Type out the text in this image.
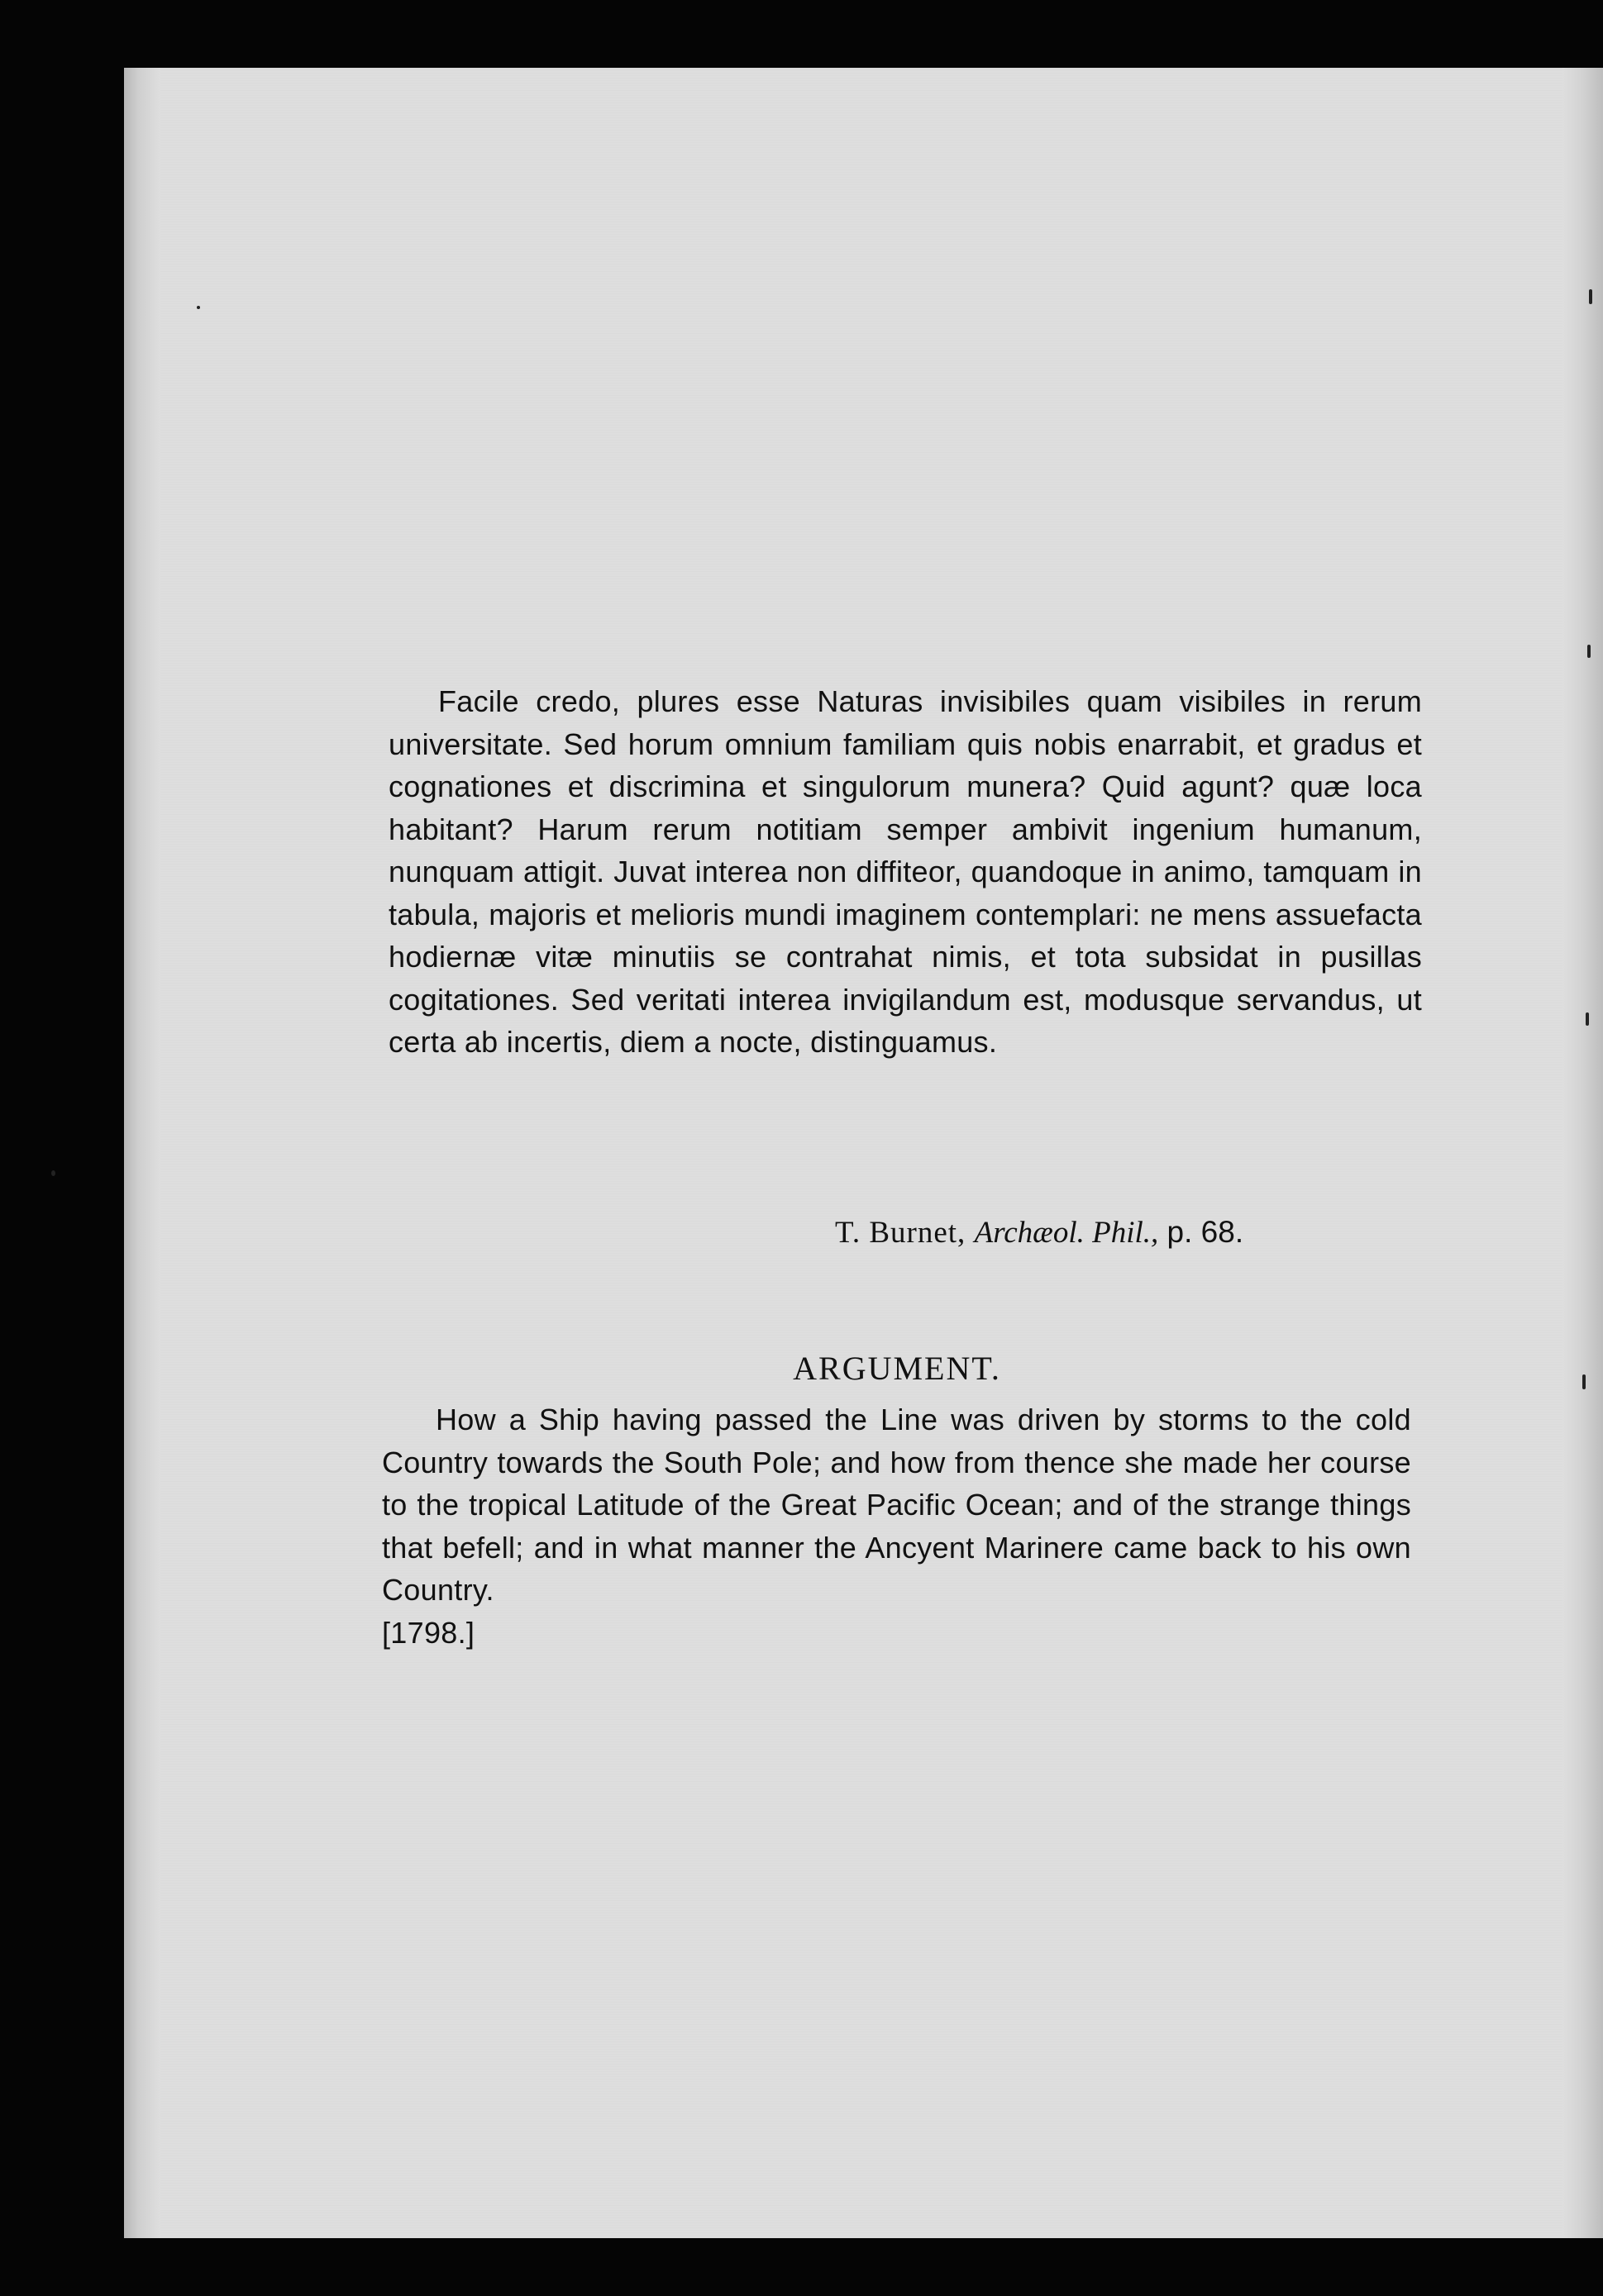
Facile credo, plures esse Naturas invisibiles quam visibiles in rerum universitate. Sed horum omnium familiam quis nobis enarrabit, et gradus et cognationes et discrimina et singulorum munera? Quid agunt? quæ loca habitant? Harum rerum notitiam semper ambivit ingenium humanum, nunquam attigit. Juvat interea non diffiteor, quandoque in animo, tamquam in tabula, majoris et melioris mundi imaginem contemplari: ne mens assuefacta hodiernæ vitæ minutiis se contrahat nimis, et tota subsidat in pusillas cogitationes. Sed veritati interea invigilandum est, modusque servandus, ut certa ab incertis, diem a nocte, distinguamus.
T. Burnet, Archæol. Phil., p. 68.
ARGUMENT.
How a Ship having passed the Line was driven by storms to the cold Country towards the South Pole; and how from thence she made her course to the tropical Latitude of the Great Pacific Ocean; and of the strange things that befell; and in what manner the Ancyent Marinere came back to his own Country.
[1798.]
